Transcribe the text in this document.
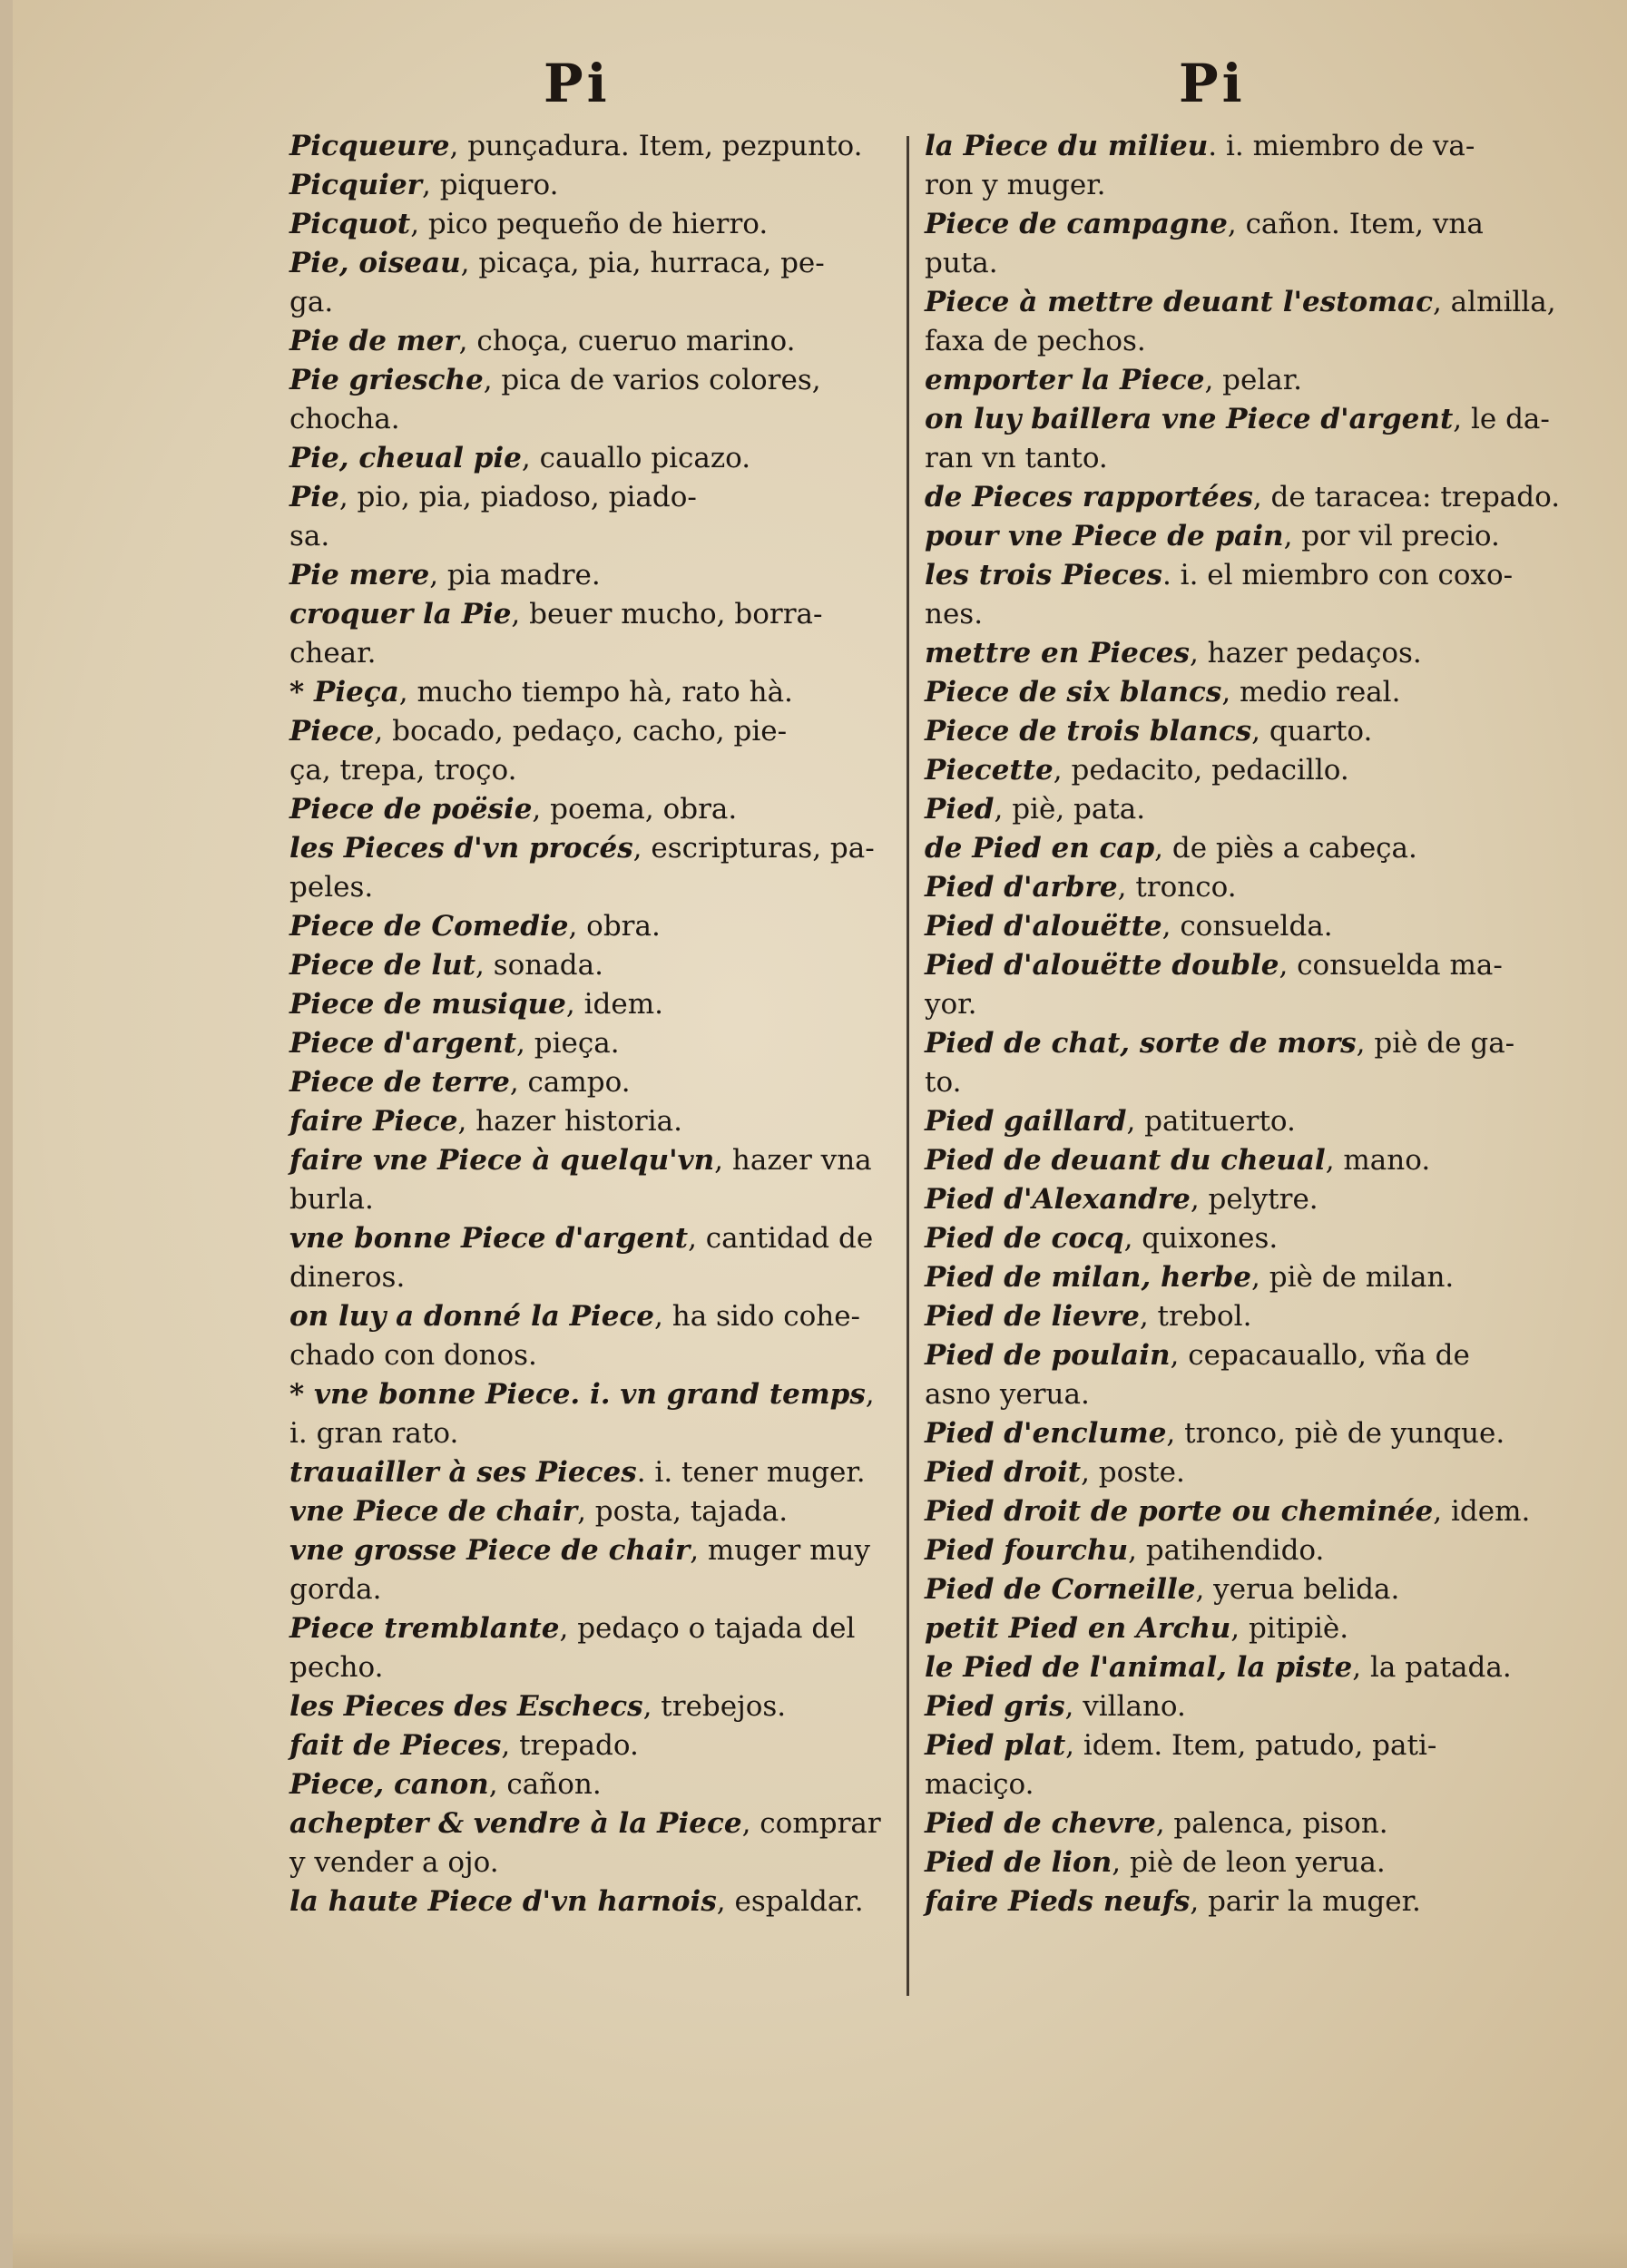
Pi	Pi
Picqueure, punçadura. Item, pezpunto.
Picquier, piquero.
Picquot, pico pequeño de hierro.
Pie, oiseau, picaça, pia, hurraca, pe-
ga.
Pie de mer, choça, cueruo marino.
Pie griesche, pica de varios colores,
chocha.
Pie, cheual pie, cauallo picazo.
Pie, pio, pia, piadoso, piado-
sa.
Pie mere, pia madre.
croquer la Pie, beuer mucho, borra-
chear.
* Pieça, mucho tiempo hà, rato hà.
Piece, bocado, pedaço, cacho, pie-
ça, trepa, troço.
Piece de poësie, poema, obra.
les Pieces d'vn procés, escripturas, pa-
peles.
Piece de Comedie, obra.
Piece de lut, sonada.
Piece de musique, idem.
Piece d'argent, pieça.
Piece de terre, campo.
faire Piece, hazer historia.
faire vne Piece à quelqu'vn, hazer vna
burla.
vne bonne Piece d'argent, cantidad de
dineros.
on luy a donné la Piece, ha sido cohe-
chado con donos.
* vne bonne Piece. i. vn grand temps,
i. gran rato.
trauailler à ses Pieces. i. tener muger.
vne Piece de chair, posta, tajada.
vne grosse Piece de chair, muger muy
gorda.
Piece tremblante, pedaço o tajada del
pecho.
les Pieces des Eschecs, trebejos.
fait de Pieces, trepado.
Piece, canon, cañon.
achepter & vendre à la Piece, comprar
y vender a ojo.
la haute Piece d'vn harnois, espaldar.
la Piece du milieu. i. miembro de va-
ron y muger.
Piece de campagne, cañon. Item, vna
puta.
Piece à mettre deuant l'estomac, almilla,
faxa de pechos.
emporter la Piece, pelar.
on luy baillera vne Piece d'argent, le da-
ran vn tanto.
de Pieces rapportées, de taracea: trepado.
pour vne Piece de pain, por vil precio.
les trois Pieces. i. el miembro con coxo-
nes.
mettre en Pieces, hazer pedaços.
Piece de six blancs, medio real.
Piece de trois blancs, quarto.
Piecette, pedacito, pedacillo.
Pied, piè, pata.
de Pied en cap, de piès a cabeça.
Pied d'arbre, tronco.
Pied d'alouëtte, consuelda.
Pied d'alouëtte double, consuelda ma-
yor.
Pied de chat, sorte de mors, piè de ga-
to.
Pied gaillard, patituerto.
Pied de deuant du cheual, mano.
Pied d'Alexandre, pelytre.
Pied de cocq, quixones.
Pied de milan, herbe, piè de milan.
Pied de lievre, trebol.
Pied de poulain, cepacauallo, vña de
asno yerua.
Pied d'enclume, tronco, piè de yunque.
Pied droit, poste.
Pied droit de porte ou cheminée, idem.
Pied fourchu, patihendido.
Pied de Corneille, yerua belida.
petit Pied en Archu, pitipiè.
le Pied de l'animal, la piste, la patada.
Pied gris, villano.
Pied plat, idem. Item, patudo, pati-
maciço.
Pied de chevre, palenca, pison.
Pied de lion, piè de leon yerua.
faire Pieds neufs, parir la muger.
